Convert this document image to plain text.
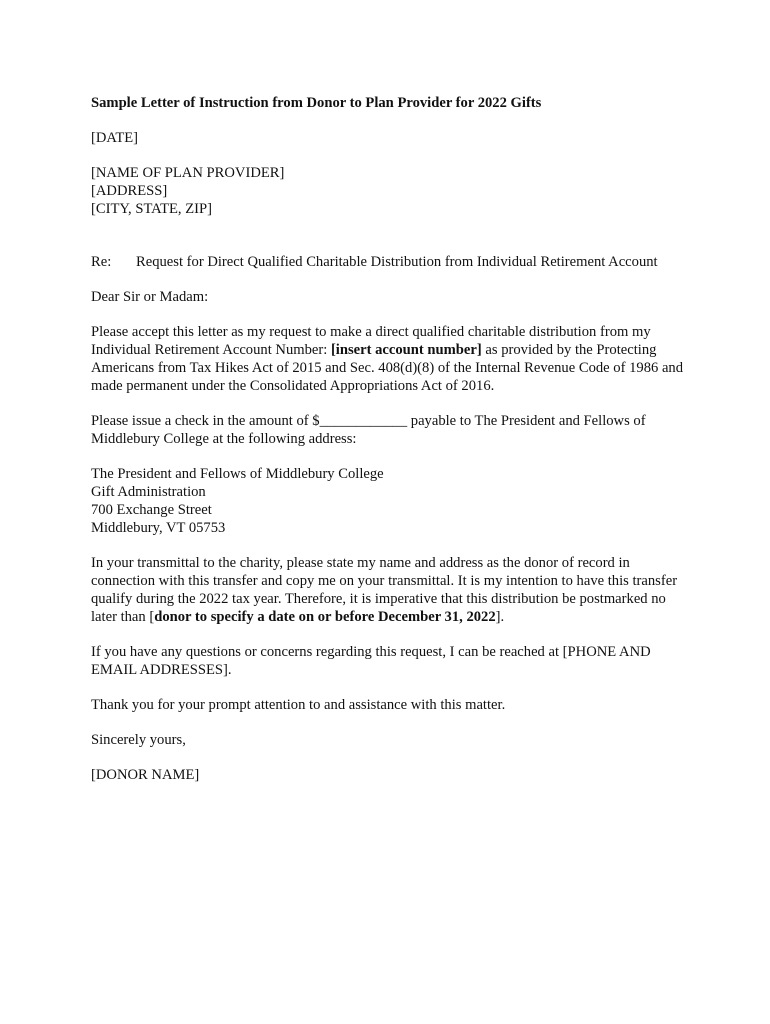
Sample Letter of Instruction from Donor to Plan Provider for 2022 Gifts

[DATE]

[NAME OF PLAN PROVIDER]
[ADDRESS]
[CITY, STATE, ZIP]

Re:	Request for Direct Qualified Charitable Distribution from Individual Retirement Account

Dear Sir or Madam:

Please accept this letter as my request to make a direct qualified charitable distribution from my Individual Retirement Account Number: [insert account number] as provided by the Protecting Americans from Tax Hikes Act of 2015 and Sec. 408(d)(8) of the Internal Revenue Code of 1986 and made permanent under the Consolidated Appropriations Act of 2016.

Please issue a check in the amount of $____________ payable to The President and Fellows of Middlebury College at the following address:

The President and Fellows of Middlebury College
Gift Administration
700 Exchange Street
Middlebury, VT 05753

In your transmittal to the charity, please state my name and address as the donor of record in connection with this transfer and copy me on your transmittal. It is my intention to have this transfer qualify during the 2022 tax year. Therefore, it is imperative that this distribution be postmarked no later than [donor to specify a date on or before December 31, 2022].

If you have any questions or concerns regarding this request, I can be reached at [PHONE AND EMAIL ADDRESSES].

Thank you for your prompt attention to and assistance with this matter.

Sincerely yours,

[DONOR NAME]
